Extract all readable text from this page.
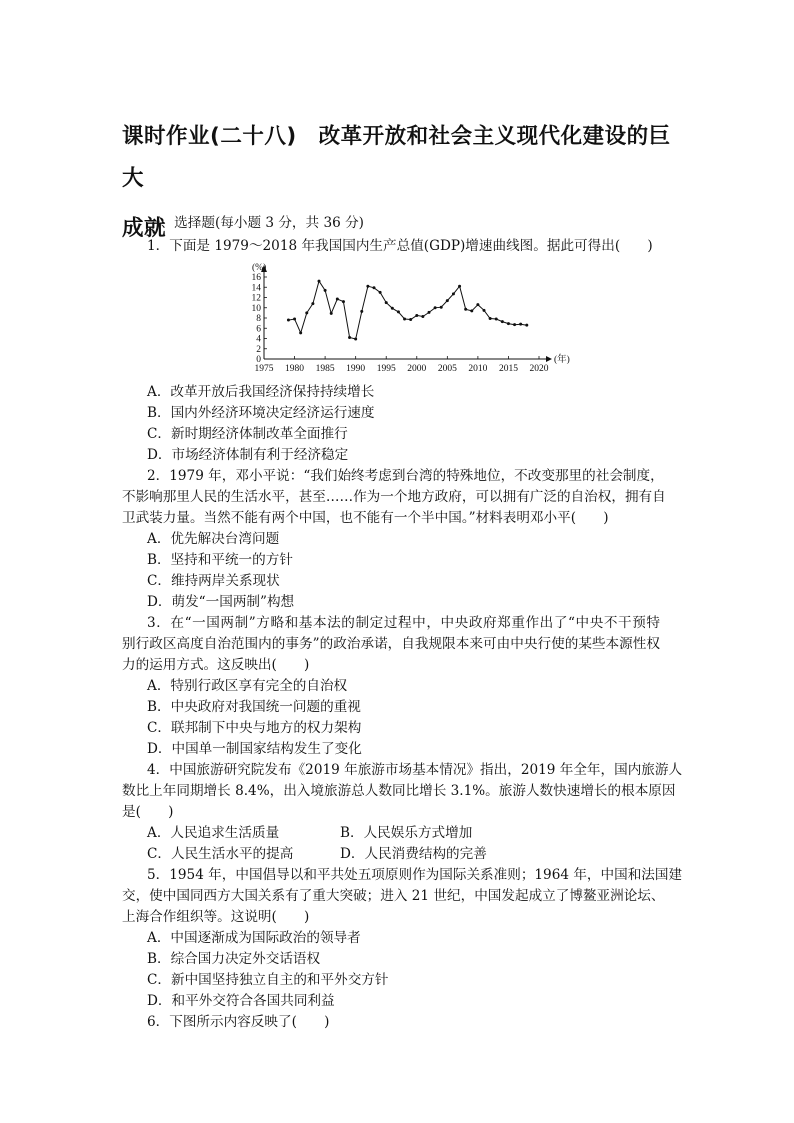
课时作业(二十八)　改革开放和社会主义现代化建设的巨大
成就
一、选择题(每小题 3 分，共 36 分)
1．下面是 1979～2018 年我国国内生产总值(GDP)增速曲线图。据此可得出(　　)
0
2
4
6
8
10
12
14
16
1975 1980 1985 1990 1995 2000 2005 2010 2015 2020
(%)
(年)
A．改革开放后我国经济保持持续增长
B．国内外经济环境决定经济运行速度
C．新时期经济体制改革全面推行
D．市场经济体制有利于经济稳定
2．1979 年，邓小平说：“我们始终考虑到台湾的特殊地位，不改变那里的社会制度，
不影响那里人民的生活水平，甚至……作为一个地方政府，可以拥有广泛的自治权，拥有自
卫武装力量。当然不能有两个中国，也不能有一个半中国。”材料表明邓小平(　　)
A．优先解决台湾问题
B．坚持和平统一的方针
C．维持两岸关系现状
D．萌发“一国两制”构想
3．在“一国两制”方略和基本法的制定过程中，中央政府郑重作出了“中央不干预特
别行政区高度自治范围内的事务”的政治承诺，自我规限本来可由中央行使的某些本源性权
力的运用方式。这反映出(　　)
A．特别行政区享有完全的自治权
B．中央政府对我国统一问题的重视
C．联邦制下中央与地方的权力架构
D．中国单一制国家结构发生了变化
4．中国旅游研究院发布《2019 年旅游市场基本情况》指出，2019 年全年，国内旅游人
数比上年同期增长 8.4%，出入境旅游总人数同比增长 3.1%。旅游人数快速增长的根本原因
是(　　)
A．人民追求生活质量	B．人民娱乐方式增加
C．人民生活水平的提高	D．人民消费结构的完善
5．1954 年，中国倡导以和平共处五项原则作为国际关系准则；1964 年，中国和法国建
交，使中国同西方大国关系有了重大突破；进入 21 世纪，中国发起成立了博鳌亚洲论坛、
上海合作组织等。这说明(　　)
A．中国逐渐成为国际政治的领导者
B．综合国力决定外交话语权
C．新中国坚持独立自主的和平外交方针
D．和平外交符合各国共同利益
6．下图所示内容反映了(　　)
